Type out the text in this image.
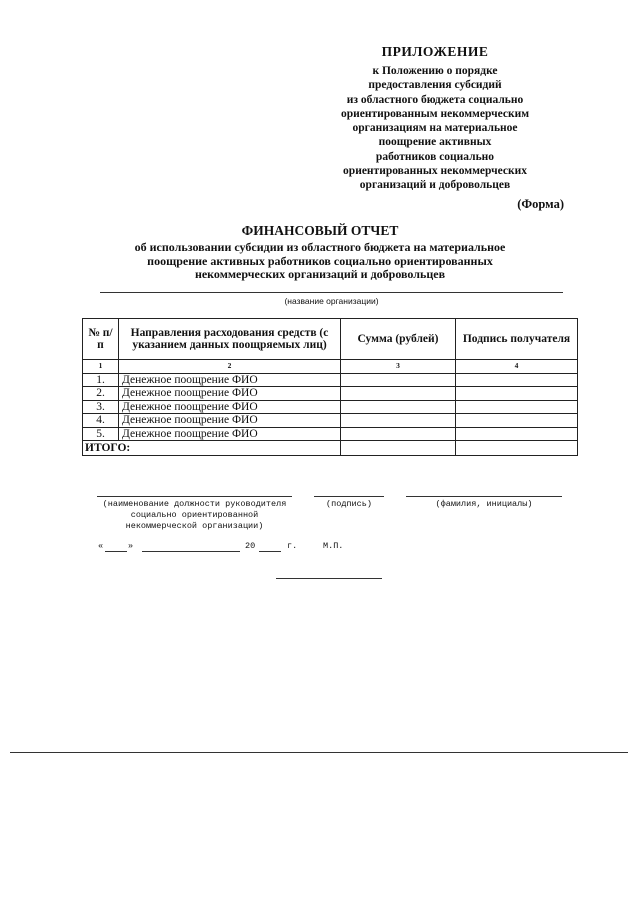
ПРИЛОЖЕНИЕ
к Положению о порядке
предоставления субсидий
из областного бюджета социально
ориентированным некоммерческим
организациям на материальное
поощрение активных
работников социально
ориентированных некоммерческих
организаций и добровольцев
(Форма)
ФИНАНСОВЫЙ ОТЧЕТ
об использовании субсидии из областного бюджета на материальное
поощрение активных работников социально ориентированных
некоммерческих организаций и добровольцев
(название организации)
№ п/п	Направления расходования средств (с указанием данных поощряемых лиц)	Сумма (рублей)	Подпись получателя
1	2	3	4
1.	Денежное поощрение ФИО		
2.	Денежное поощрение ФИО		
3.	Денежное поощрение ФИО		
4.	Денежное поощрение ФИО		
5.	Денежное поощрение ФИО		
ИТОГО:			
(наименование должности руководителя социально ориентированной некоммерческой организации)
(подпись)	(фамилия, инициалы)
«	»	20	г.	М.П.
